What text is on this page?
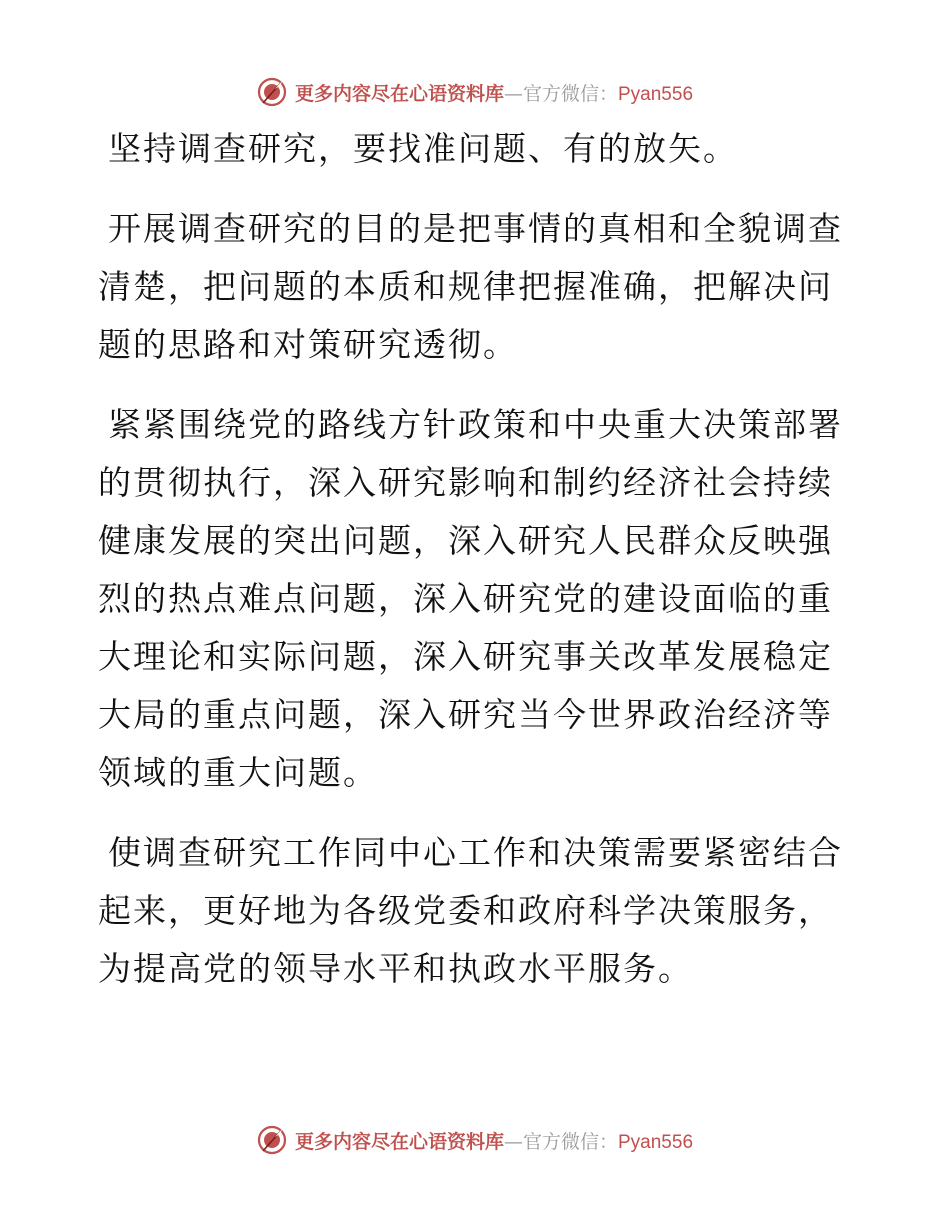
更多内容尽在心语资料库—官方微信：Pyan556

坚持调查研究，要找准问题、有的放矢。

开展调查研究的目的是把事情的真相和全貌调查清楚，把问题的本质和规律把握准确，把解决问题的思路和对策研究透彻。

紧紧围绕党的路线方针政策和中央重大决策部署的贯彻执行，深入研究影响和制约经济社会持续健康发展的突出问题，深入研究人民群众反映强烈的热点难点问题，深入研究党的建设面临的重大理论和实际问题，深入研究事关改革发展稳定大局的重点问题，深入研究当今世界政治经济等领域的重大问题。

使调查研究工作同中心工作和决策需要紧密结合起来，更好地为各级党委和政府科学决策服务，为提高党的领导水平和执政水平服务。

更多内容尽在心语资料库—官方微信：Pyan556
